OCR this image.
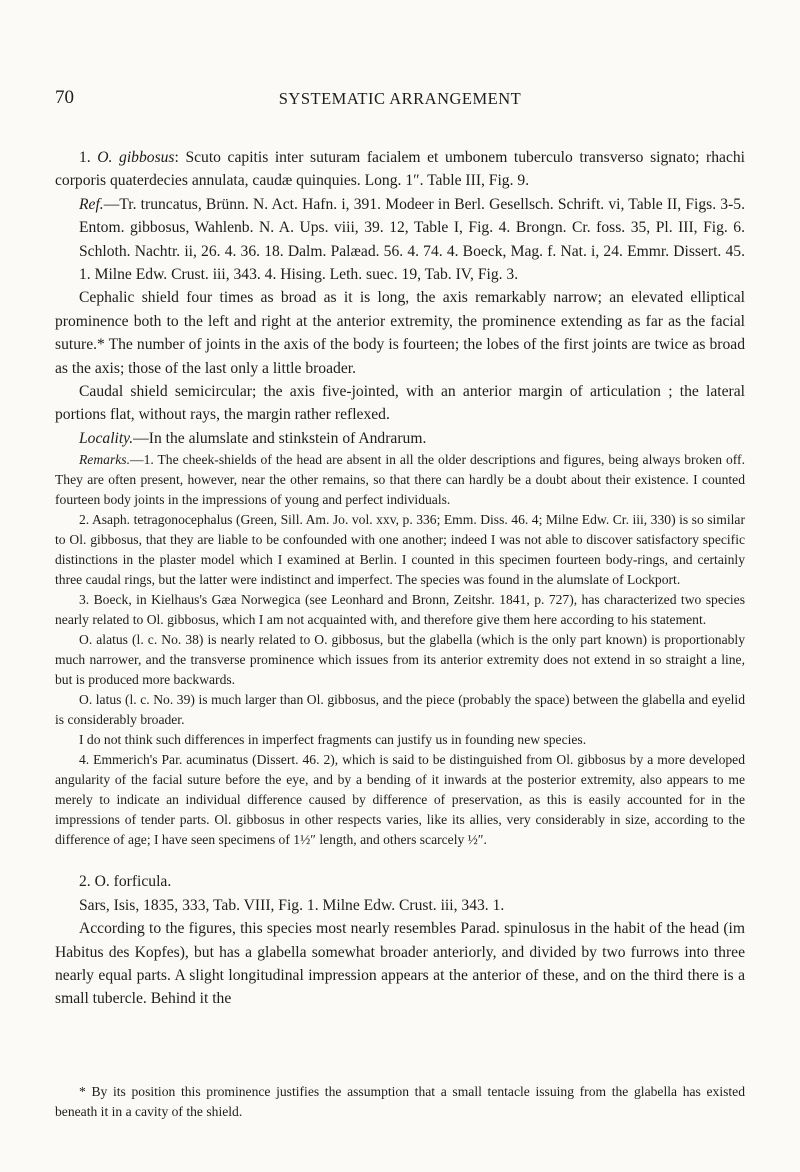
70	SYSTEMATIC ARRANGEMENT

1. O. gibbosus: Scuto capitis inter suturam facialem et umbonem tuberculo transverso signato; rhachi corporis quaterdecies annulata, caudæ quinquies. Long. 1″. Table III, Fig. 9.

Ref.—Tr. truncatus, Brünn. N. Act. Hafn. i, 391. Modeer in Berl. Gesellsch. Schrift. vi, Table II, Figs. 3-5. Entom. gibbosus, Wahlenb. N. A. Ups. viii, 39. 12, Table I, Fig. 4. Brongn. Cr. foss. 35, Pl. III, Fig. 6. Schloth. Nachtr. ii, 26. 4. 36. 18. Dalm. Palæad. 56. 4. 74. 4. Boeck, Mag. f. Nat. i, 24. Emmr. Dissert. 45. 1. Milne Edw. Crust. iii, 343. 4. Hising. Leth. suec. 19, Tab. IV, Fig. 3.

Cephalic shield four times as broad as it is long, the axis remarkably narrow; an elevated elliptical prominence both to the left and right at the anterior extremity, the prominence extending as far as the facial suture.* The number of joints in the axis of the body is fourteen; the lobes of the first joints are twice as broad as the axis; those of the last only a little broader.

Caudal shield semicircular; the axis five-jointed, with an anterior margin of articulation ; the lateral portions flat, without rays, the margin rather reflexed.

Locality.—In the alumslate and stinkstein of Andrarum.

Remarks.—1. The cheek-shields of the head are absent in all the older descriptions and figures, being always broken off. They are often present, however, near the other remains, so that there can hardly be a doubt about their existence. I counted fourteen body joints in the impressions of young and perfect individuals.

2. Asaph. tetragonocephalus (Green, Sill. Am. Jo. vol. xxv, p. 336; Emm. Diss. 46. 4; Milne Edw. Cr. iii, 330) is so similar to Ol. gibbosus, that they are liable to be confounded with one another; indeed I was not able to discover satisfactory specific distinctions in the plaster model which I examined at Berlin. I counted in this specimen fourteen body-rings, and certainly three caudal rings, but the latter were indistinct and imperfect. The species was found in the alumslate of Lockport.

3. Boeck, in Kielhaus's Gæa Norwegica (see Leonhard and Bronn, Zeitshr. 1841, p. 727), has characterized two species nearly related to Ol. gibbosus, which I am not acquainted with, and therefore give them here according to his statement.

O. alatus (l. c. No. 38) is nearly related to O. gibbosus, but the glabella (which is the only part known) is proportionably much narrower, and the transverse prominence which issues from its anterior extremity does not extend in so straight a line, but is produced more backwards.

O. latus (l. c. No. 39) is much larger than Ol. gibbosus, and the piece (probably the space) between the glabella and eyelid is considerably broader.

I do not think such differences in imperfect fragments can justify us in founding new species.

4. Emmerich's Par. acuminatus (Dissert. 46. 2), which is said to be distinguished from Ol. gibbosus by a more developed angularity of the facial suture before the eye, and by a bending of it inwards at the posterior extremity, also appears to me merely to indicate an individual difference caused by difference of preservation, as this is easily accounted for in the impressions of tender parts. Ol. gibbosus in other respects varies, like its allies, very considerably in size, according to the difference of age; I have seen specimens of 1½″ length, and others scarcely ½″.

2. O. forficula.

Sars, Isis, 1835, 333, Tab. VIII, Fig. 1. Milne Edw. Crust. iii, 343. 1.

According to the figures, this species most nearly resembles Parad. spinulosus in the habit of the head (im Habitus des Kopfes), but has a glabella somewhat broader anteriorly, and divided by two furrows into three nearly equal parts. A slight longitudinal impression appears at the anterior of these, and on the third there is a small tubercle. Behind it the

* By its position this prominence justifies the assumption that a small tentacle issuing from the glabella has existed beneath it in a cavity of the shield.
